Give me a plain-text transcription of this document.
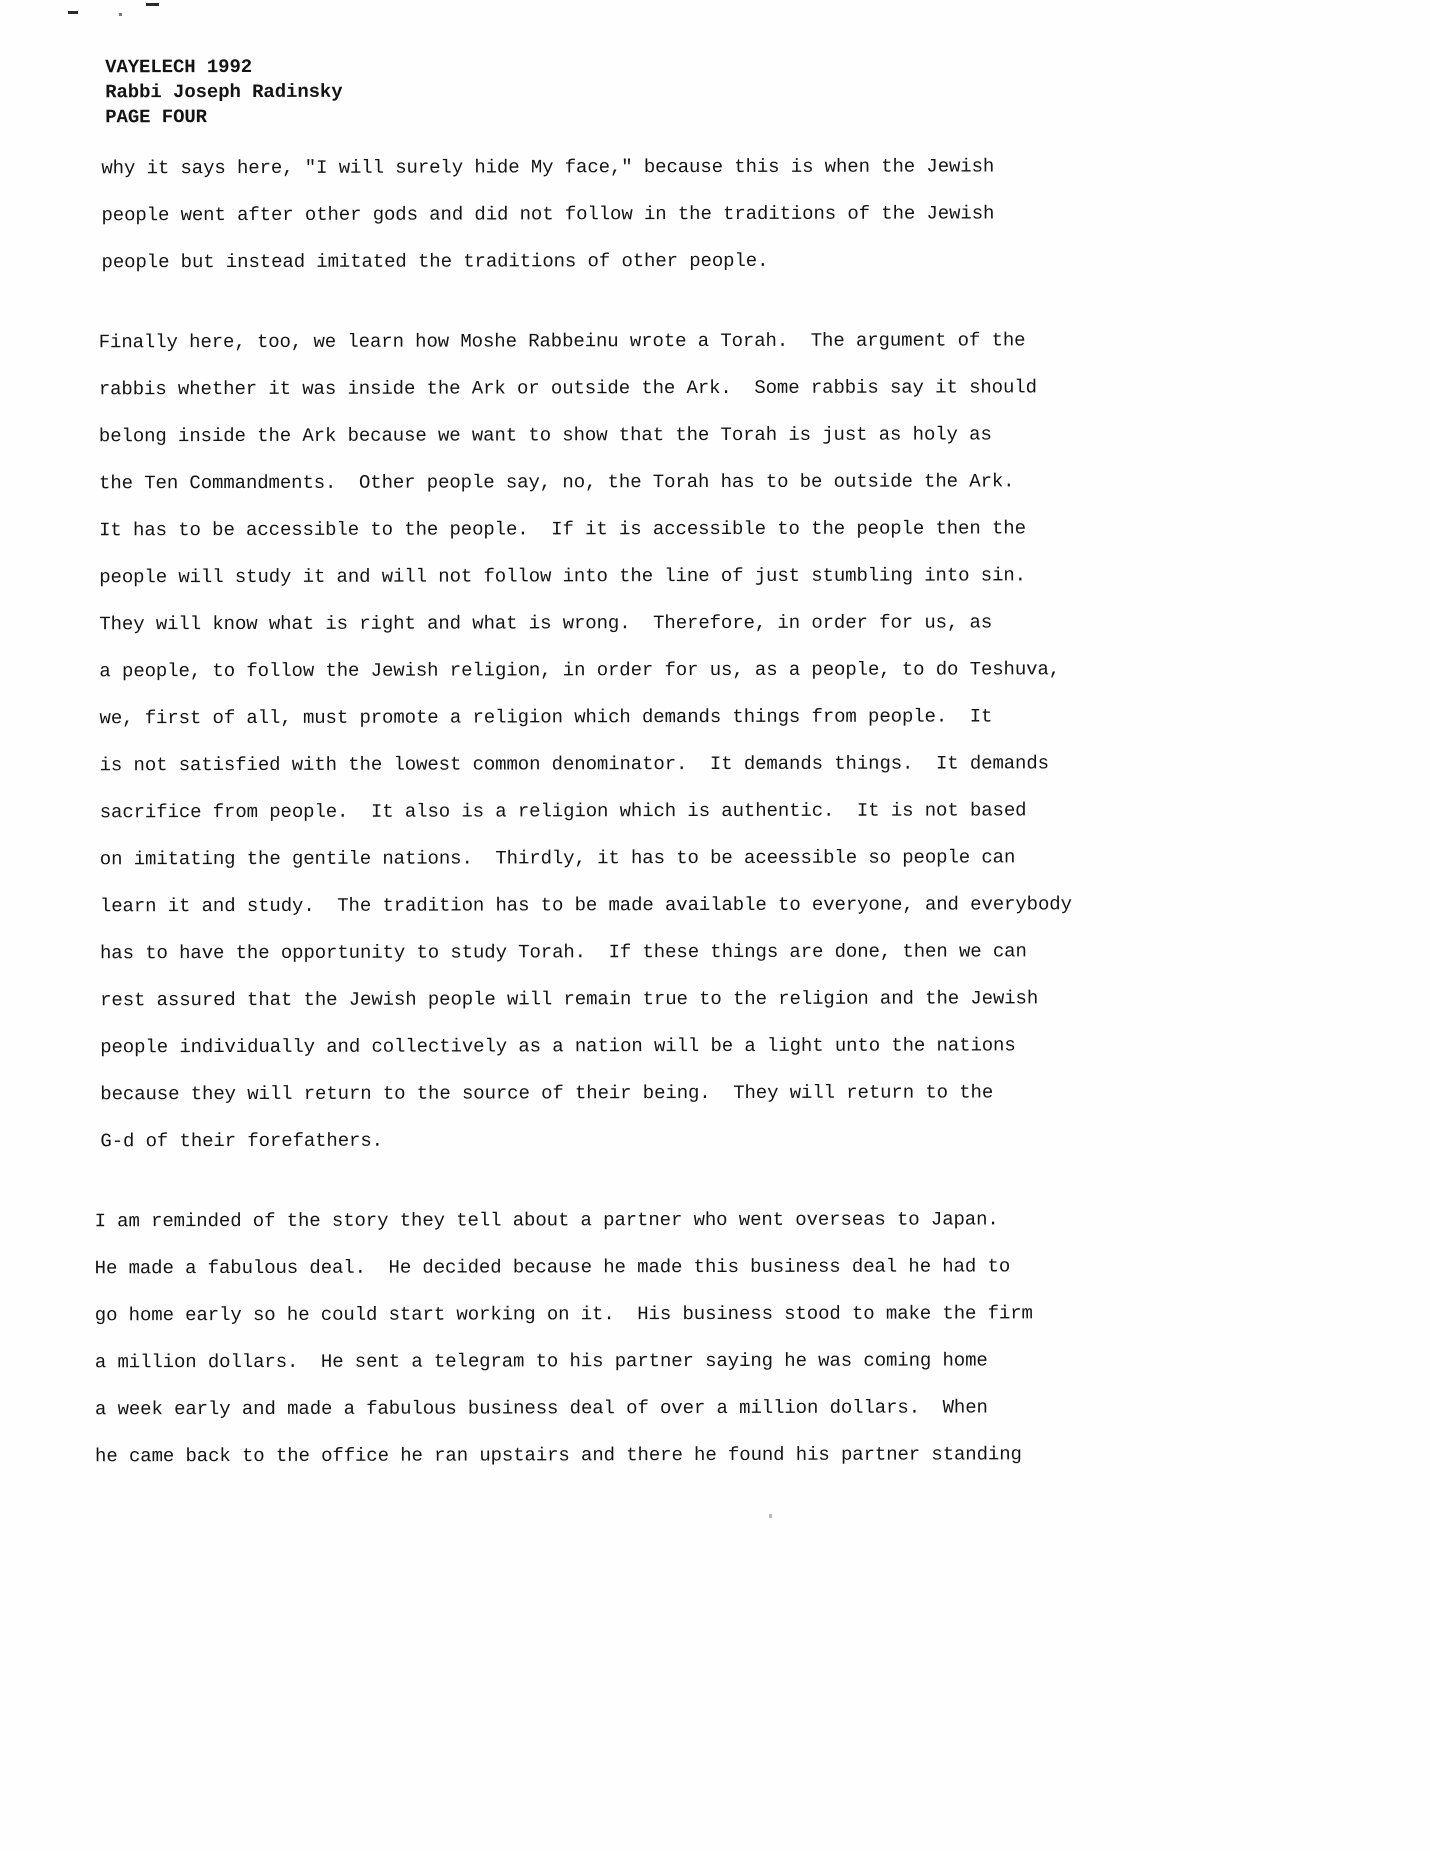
VAYELECH 1992
Rabbi Joseph Radinsky
PAGE FOUR
why it says here, "I will surely hide My face," because this is when the Jewish
people went after other gods and did not follow in the traditions of the Jewish
people but instead imitated the traditions of other people.
Finally here, too, we learn how Moshe Rabbeinu wrote a Torah.  The argument of the
rabbis whether it was inside the Ark or outside the Ark.  Some rabbis say it should
belong inside the Ark because we want to show that the Torah is just as holy as
the Ten Commandments.  Other people say, no, the Torah has to be outside the Ark.
It has to be accessible to the people.  If it is accessible to the people then the
people will study it and will not follow into the line of just stumbling into sin.
They will know what is right and what is wrong.  Therefore, in order for us, as
a people, to follow the Jewish religion, in order for us, as a people, to do Teshuva,
we, first of all, must promote a religion which demands things from people.  It
is not satisfied with the lowest common denominator.  It demands things.  It demands
sacrifice from people.  It also is a religion which is authentic.  It is not based
on imitating the gentile nations.  Thirdly, it has to be aceessible so people can
learn it and study.  The tradition has to be made available to everyone, and everybody
has to have the opportunity to study Torah.  If these things are done, then we can
rest assured that the Jewish people will remain true to the religion and the Jewish
people individually and collectively as a nation will be a light unto the nations
because they will return to the source of their being.  They will return to the
G-d of their forefathers.
I am reminded of the story they tell about a partner who went overseas to Japan.
He made a fabulous deal.  He decided because he made this business deal he had to
go home early so he could start working on it.  His business stood to make the firm
a million dollars.  He sent a telegram to his partner saying he was coming home
a week early and made a fabulous business deal of over a million dollars.  When
he came back to the office he ran upstairs and there he found his partner standing
